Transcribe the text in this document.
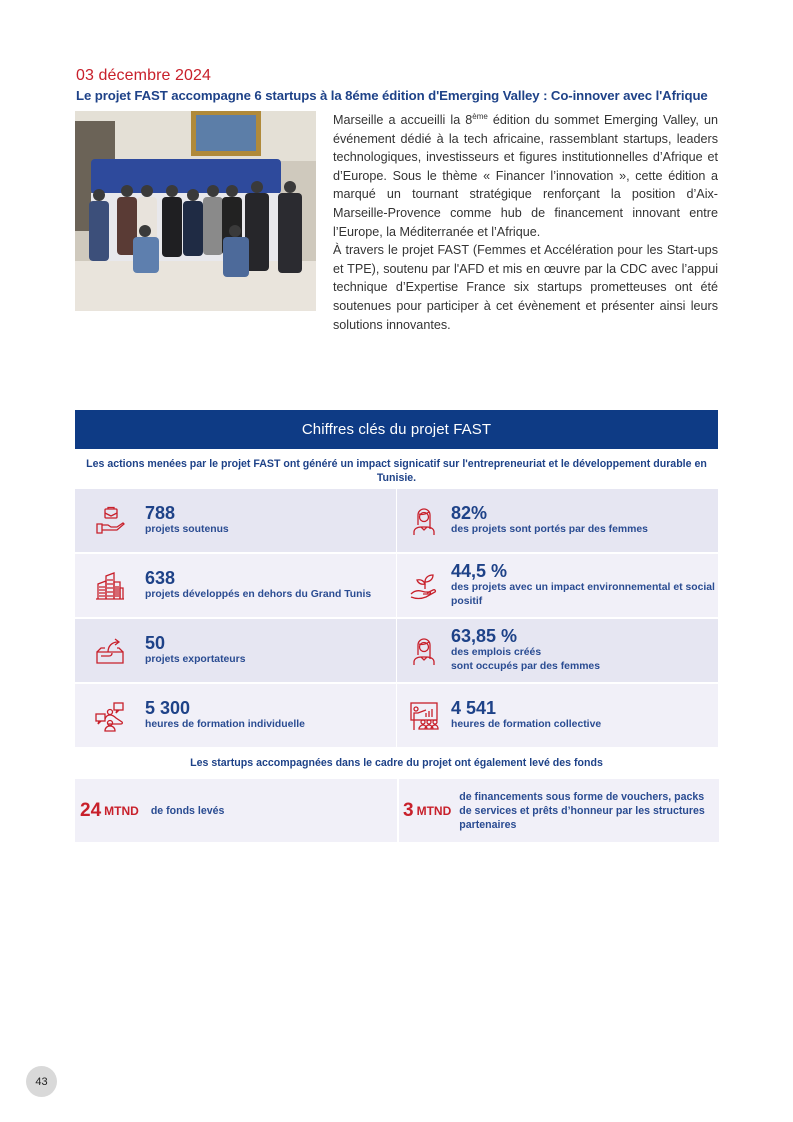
03 décembre 2024
Le projet FAST accompagne 6 startups à la 8éme édition d'Emerging Valley : Co-innover avec l'Afrique

Marseille a accueilli la 8ème édition du sommet Emerging Valley, un événement dédié à la tech africaine, rassemblant startups, leaders technologiques, investisseurs et figures institutionnelles d’Afrique et d’Europe. Sous le thème « Financer l’innovation », cette édition a marqué un tournant stratégique renforçant la position d’Aix-Marseille-Provence comme hub de financement innovant entre l’Europe, la Méditerranée et l’Afrique.

À travers le projet FAST (Femmes et Accélération pour les Start-ups et TPE), soutenu par l'AFD et mis en œuvre par la CDC avec l’appui technique d’Expertise France six startups prometteuses ont été soutenues pour participer à cet évènement et présenter ainsi leurs solutions innovantes.

Chiffres clés du projet FAST
Les actions menées par le projet FAST ont généré un impact signicatif sur l'entrepreneuriat et le développement durable en Tunisie.
788
projets soutenus
82%
des projets sont portés par des femmes
638
projets développés en dehors du Grand Tunis
44,5 %
des projets avec un impact environnemental et social positif
50
projets exportateurs
63,85 %
des emplois créés
sont occupés par des femmes
5 300
heures de formation individuelle
4 541
heures de formation collective
Les startups accompagnées dans le cadre du projet ont également levé des fonds
24 MTND de fonds levés	3 MTND
de financements sous forme de vouchers, packs de services et prêts d’honneur par les structures partenaires
43
